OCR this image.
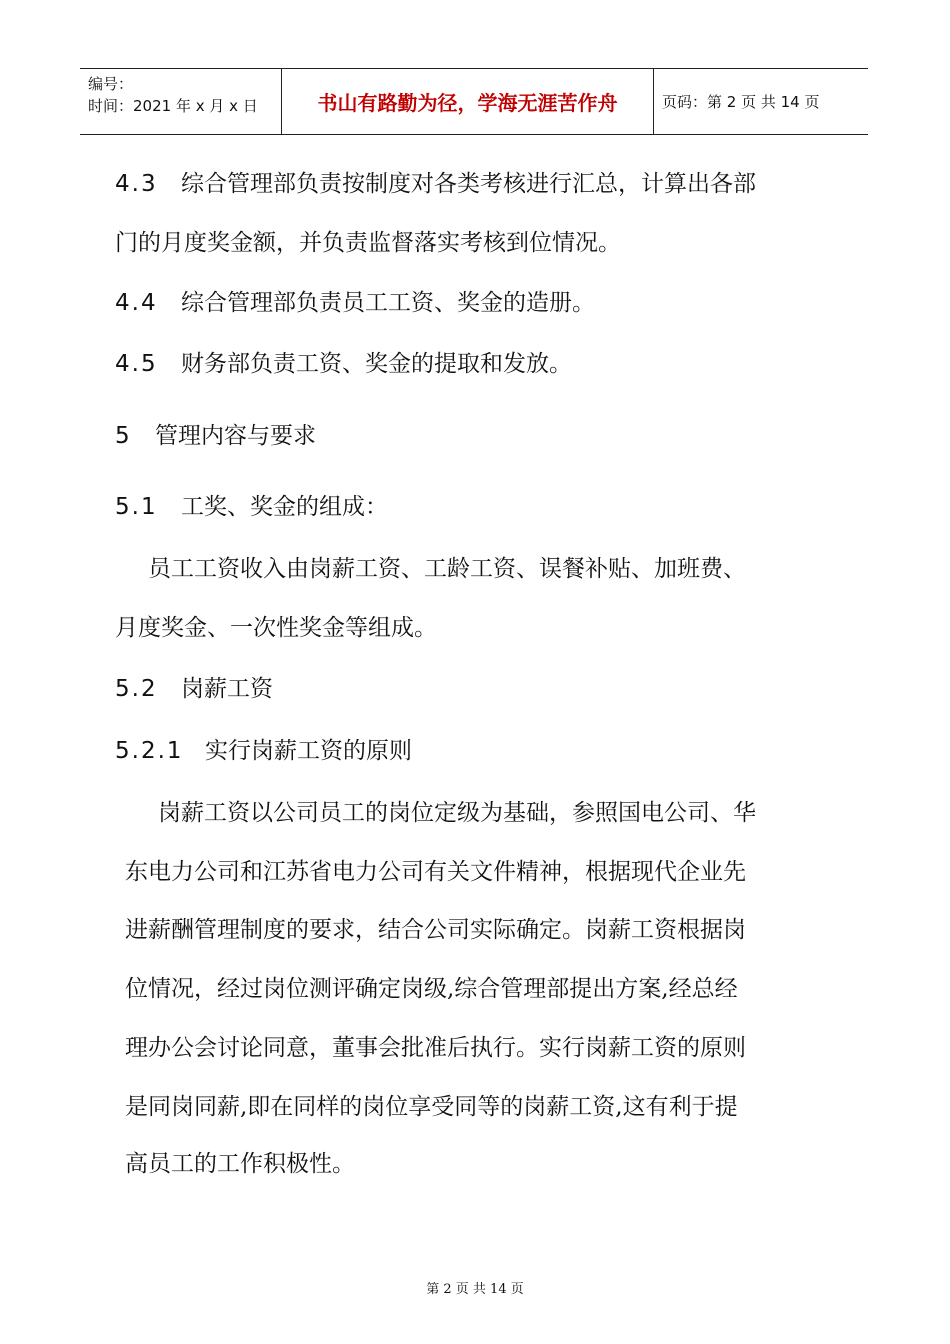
编号：
时间：2021 年 x 月 x 日	书山有路勤为径，学海无涯苦作舟	页码：第 2 页 共 14 页
4.3 综合管理部负责按制度对各类考核进行汇总，计算出各部
门的月度奖金额，并负责监督落实考核到位情况。
4.4 综合管理部负责员工工资、奖金的造册。
4.5 财务部负责工资、奖金的提取和发放。
5 管理内容与要求
5.1 工奖、奖金的组成：
员工工资收入由岗薪工资、工龄工资、误餐补贴、加班费、
月度奖金、一次性奖金等组成。
5.2 岗薪工资
5.2.1 实行岗薪工资的原则
岗薪工资以公司员工的岗位定级为基础，参照国电公司、华
东电力公司和江苏省电力公司有关文件精神，根据现代企业先
进薪酬管理制度的要求，结合公司实际确定。岗薪工资根据岗
位情况，经过岗位测评确定岗级,综合管理部提出方案,经总经
理办公会讨论同意，董事会批准后执行。实行岗薪工资的原则
是同岗同薪,即在同样的岗位享受同等的岗薪工资,这有利于提
高员工的工作积极性。
第 2 页 共 14 页
